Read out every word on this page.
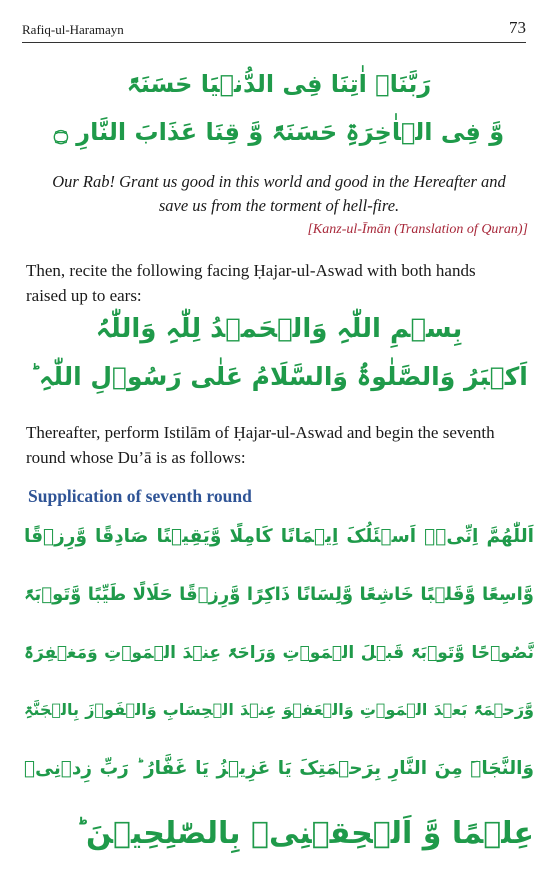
Rafiq-ul-Haramayn	73
رَبَّنَاۤ اٰتِنَا فِی الدُّنۡیَا حَسَنَۃً
وَّ فِی الۡاٰخِرَۃِ حَسَنَۃً وَّ قِنَا عَذَابَ النَّارِ ۝
Our Rab! Grant us good in this world and good in the Hereafter and
save us from the torment of hell-fire.
[Kanz-ul-Īmān (Translation of Quran)]
Then, recite the following facing Ḥajar-ul-Aswad with both hands
raised up to ears:
بِسۡمِ اللّٰہِ وَالۡحَمۡدُ لِلّٰہِ وَاللّٰہُ
اَکۡبَرُ وَالصَّلٰوۃُ وَالسَّلَامُ عَلٰی رَسُوۡلِ اللّٰہِ ؕ
Thereafter, perform Istilām of Ḥajar-ul-Aswad and begin the seventh
round whose Du’ā is as follows:
Supplication of seventh round
اَللّٰھُمَّ اِنِّیۡۤ اَسۡئَلُکَ اِیۡمَانًا کَامِلًا وَّیَقِیۡنًا صَادِقًا وَّرِزۡقًا
وَّاسِعًا وَّقَلۡبًا خَاشِعًا وَّلِسَانًا ذَاکِرًا وَّرِزۡقًا حَلَالًا طَیِّبًا وَّتَوۡبَۃً
نَّصُوۡحًا وَّتَوۡبَۃً قَبۡلَ الۡمَوۡتِ وَرَاحَۃً عِنۡدَ الۡمَوۡتِ وَمَغۡفِرَۃً
وَّرَحۡمَۃً بَعۡدَ الۡمَوۡتِ وَالۡعَفۡوَ عِنۡدَ الۡحِسَابِ وَالۡفَوۡزَ بِالۡجَنَّۃِ
وَالنَّجَاۃَ مِنَ النَّارِ بِرَحۡمَتِکَ یَا عَزِیۡزُ یَا غَفَّارُ ؕ رَبِّ زِدۡنِیۡ
عِلۡمًا وَّ اَلۡحِقۡنِیۡ بِالصّٰلِحِیۡنَ ؕ
